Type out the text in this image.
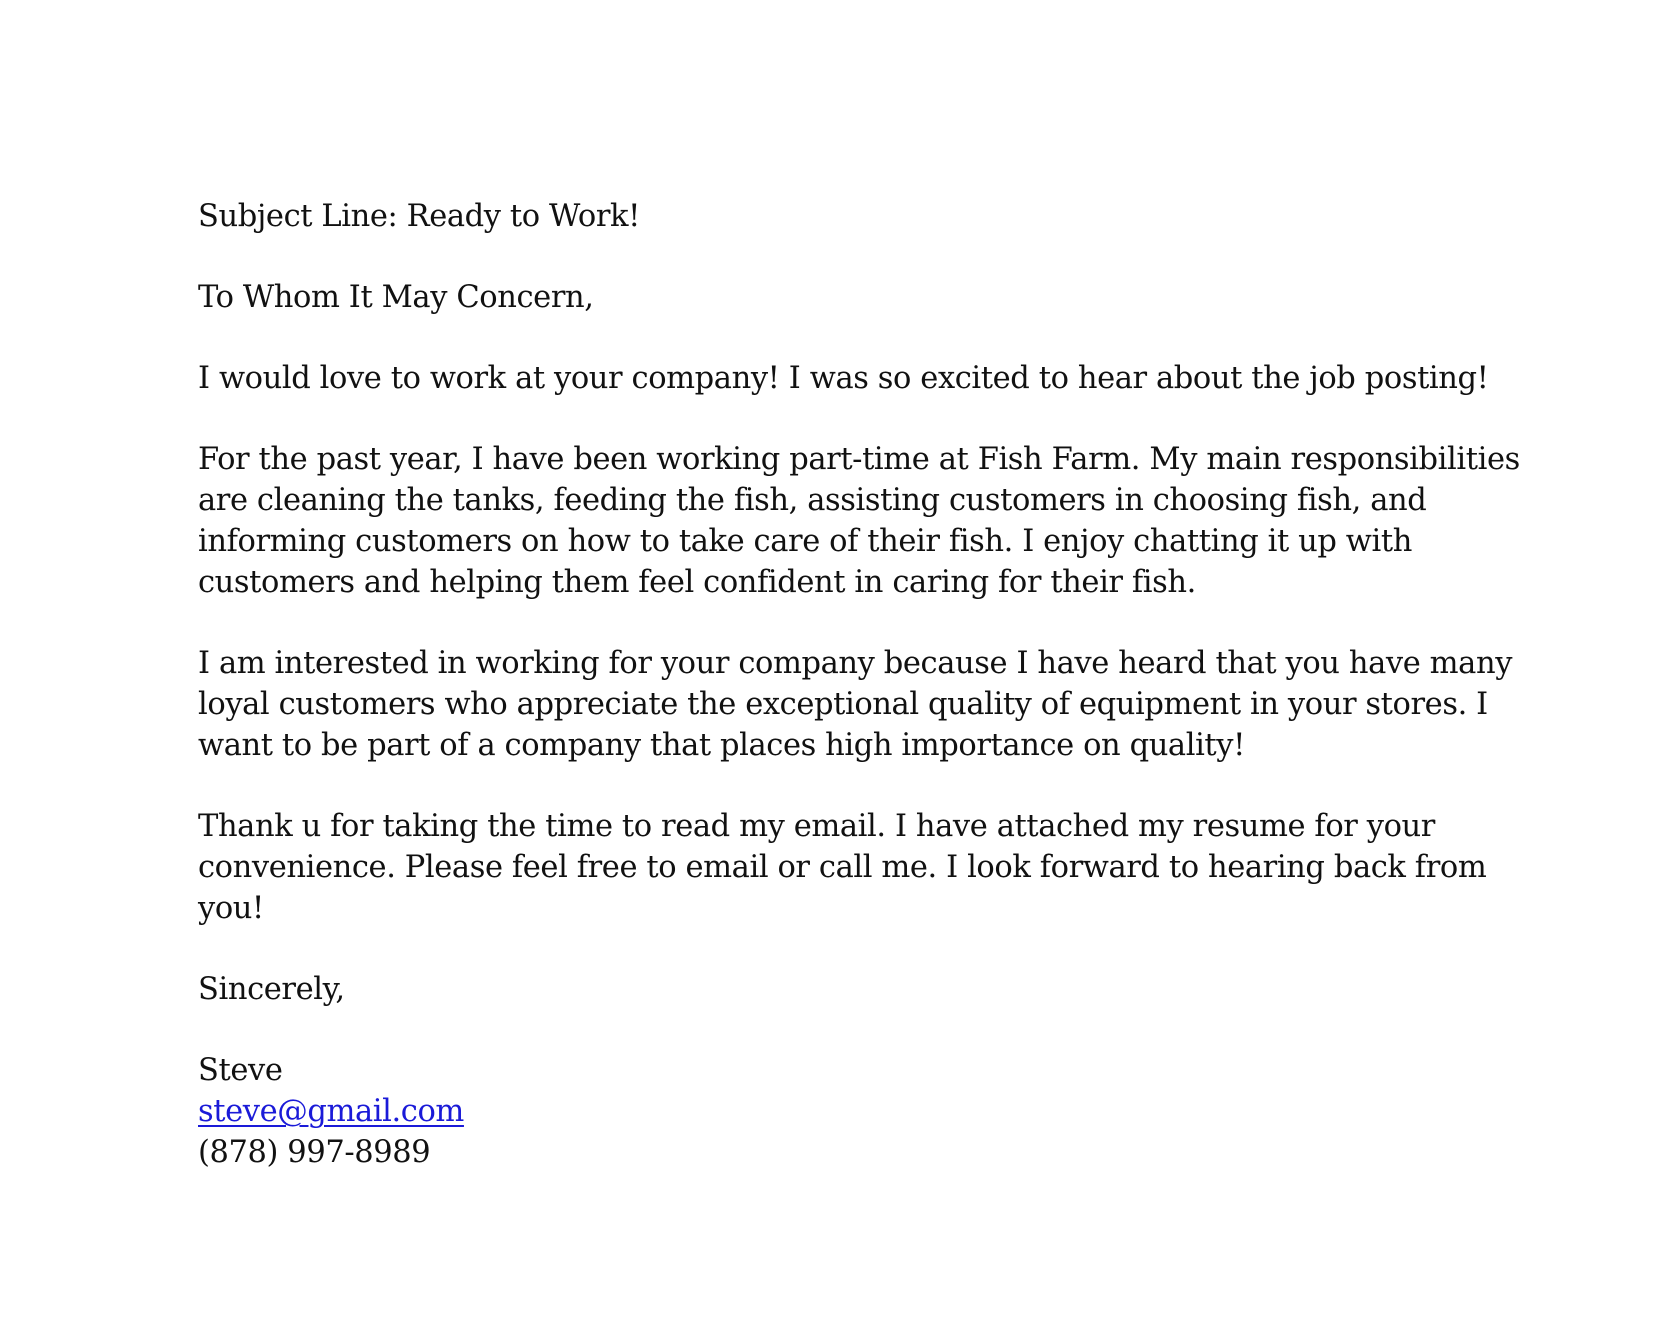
Subject Line: Ready to Work!

To Whom It May Concern,

I would love to work at your company! I was so excited to hear about the job posting!

For the past year, I have been working part-time at Fish Farm. My main responsibilities
are cleaning the tanks, feeding the fish, assisting customers in choosing fish, and
informing customers on how to take care of their fish. I enjoy chatting it up with
customers and helping them feel confident in caring for their fish.

I am interested in working for your company because I have heard that you have many
loyal customers who appreciate the exceptional quality of equipment in your stores. I
want to be part of a company that places high importance on quality!

Thank u for taking the time to read my email. I have attached my resume for your
convenience. Please feel free to email or call me. I look forward to hearing back from
you!

Sincerely,

Steve
steve@gmail.com
(878) 997-8989
